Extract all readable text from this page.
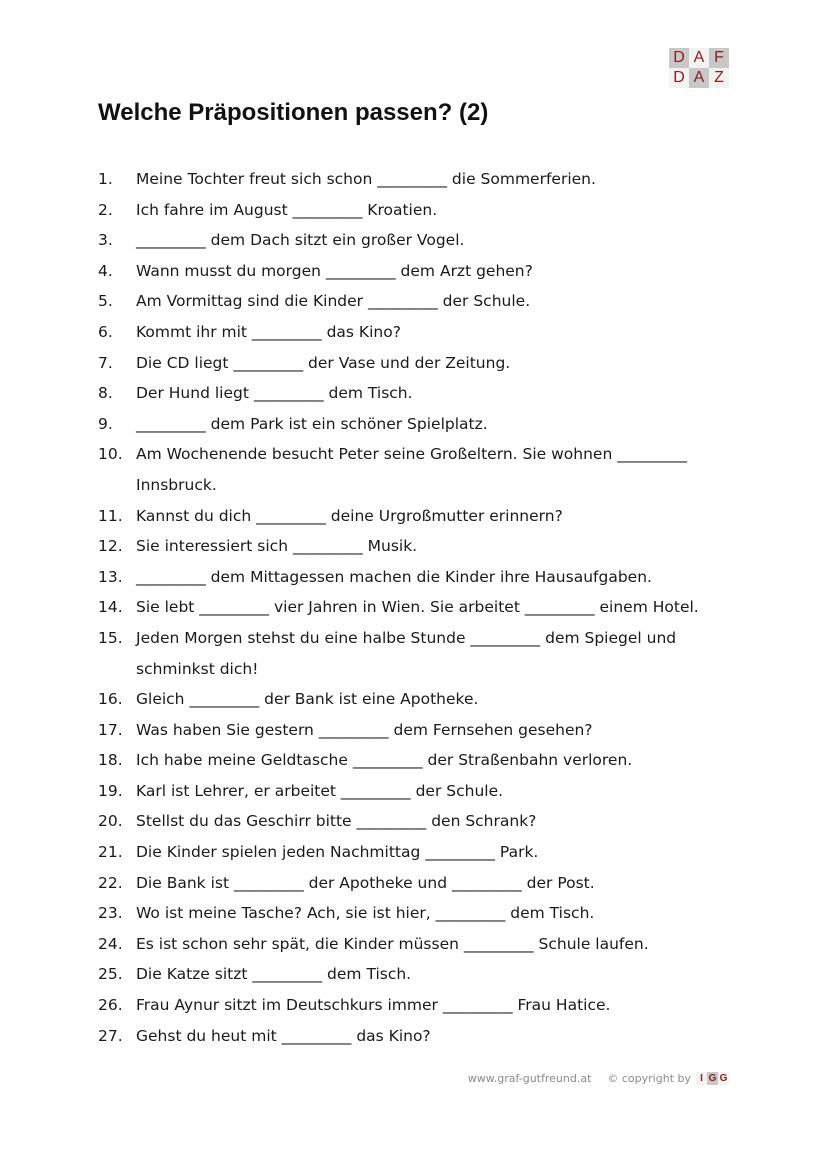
D A F
D A Z
Welche Präpositionen passen? (2)
1.	Meine Tochter freut sich schon _________ die Sommerferien.
2.	Ich fahre im August _________ Kroatien.
3.	_________ dem Dach sitzt ein großer Vogel.
4.	Wann musst du morgen _________ dem Arzt gehen?
5.	Am Vormittag sind die Kinder _________ der Schule.
6.	Kommt ihr mit _________ das Kino?
7.	Die CD liegt _________ der Vase und der Zeitung.
8.	Der Hund liegt _________ dem Tisch.
9.	_________ dem Park ist ein schöner Spielplatz.
10. Am Wochenende besucht Peter seine Großeltern. Sie wohnen _________ Innsbruck.
11. Kannst du dich _________ deine Urgroßmutter erinnern?
12. Sie interessiert sich _________ Musik.
13. _________ dem Mittagessen machen die Kinder ihre Hausaufgaben.
14. Sie lebt _________ vier Jahren in Wien. Sie arbeitet _________ einem Hotel.
15. Jeden Morgen stehst du eine halbe Stunde _________ dem Spiegel und schminkst dich!
16. Gleich _________ der Bank ist eine Apotheke.
17. Was haben Sie gestern _________ dem Fernsehen gesehen?
18. Ich habe meine Geldtasche _________ der Straßenbahn verloren.
19. Karl ist Lehrer, er arbeitet _________ der Schule.
20. Stellst du das Geschirr bitte _________ den Schrank?
21. Die Kinder spielen jeden Nachmittag _________ Park.
22. Die Bank ist _________ der Apotheke und _________ der Post.
23. Wo ist meine Tasche? Ach, sie ist hier, _________ dem Tisch.
24. Es ist schon sehr spät, die Kinder müssen _________ Schule laufen.
25. Die Katze sitzt _________ dem Tisch.
26. Frau Aynur sitzt im Deutschkurs immer _________ Frau Hatice.
27. Gehst du heut mit _________ das Kino?
www.graf-gutfreund.at © copyright by I G G
